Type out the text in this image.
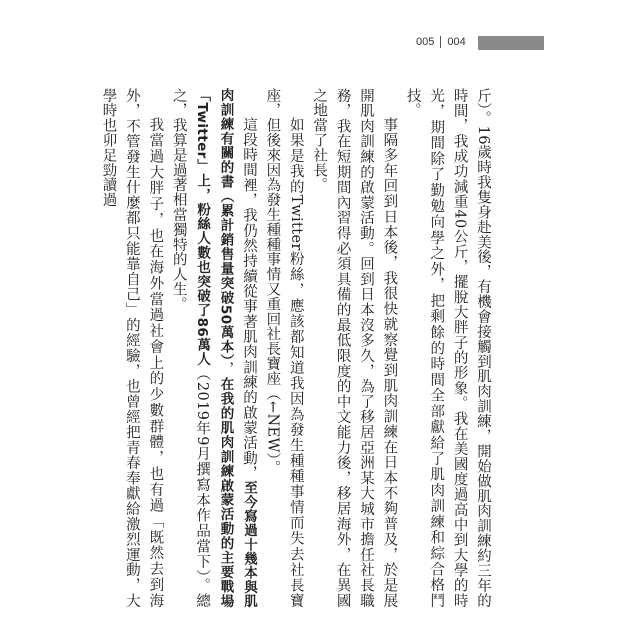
005 004

斤）。16歲時我隻身赴美後，有機會接觸到肌肉訓練，開始做肌肉訓練約三年的時間，我成功減重40公斤，擺脫大胖子的形象。我在美國度過高中到大學的時光，期間除了勤勉向學之外，把剩餘的時間全部獻給了肌肉訓練和綜合格鬥技。

事隔多年回到日本後，我很快就察覺到肌肉訓練在日本不夠普及，於是展開肌肉訓練的啟蒙活動。回到日本沒多久，為了移居亞洲某大城市擔任社長職務，我在短期間內習得必須具備的最低限度的中文能力後，移居海外，在異國之地當了社長。

如果是我的Twitter粉絲，應該都知道我因為發生種種事情而失去社長寶座，但後來因為發生種種事情又重回社長寶座（←NEW）。

這段時間裡，我仍然持續從事著肌肉訓練的啟蒙活動，至今寫過十幾本與肌肉訓練有關的書（累計銷售量突破50萬本），在我的肌肉訓練啟蒙活動的主要戰場「Twitter」上，粉絲人數也突破了86萬人（2019年9月撰寫本作品當下）。總之，我算是過著相當獨特的人生。

我當過大胖子，也在海外當過社會上的少數群體，也有過「既然去到海外，不管發生什麼都只能靠自己」的經驗，也曾經把青春奉獻給激烈運動，大學時也卯足勁讀過
